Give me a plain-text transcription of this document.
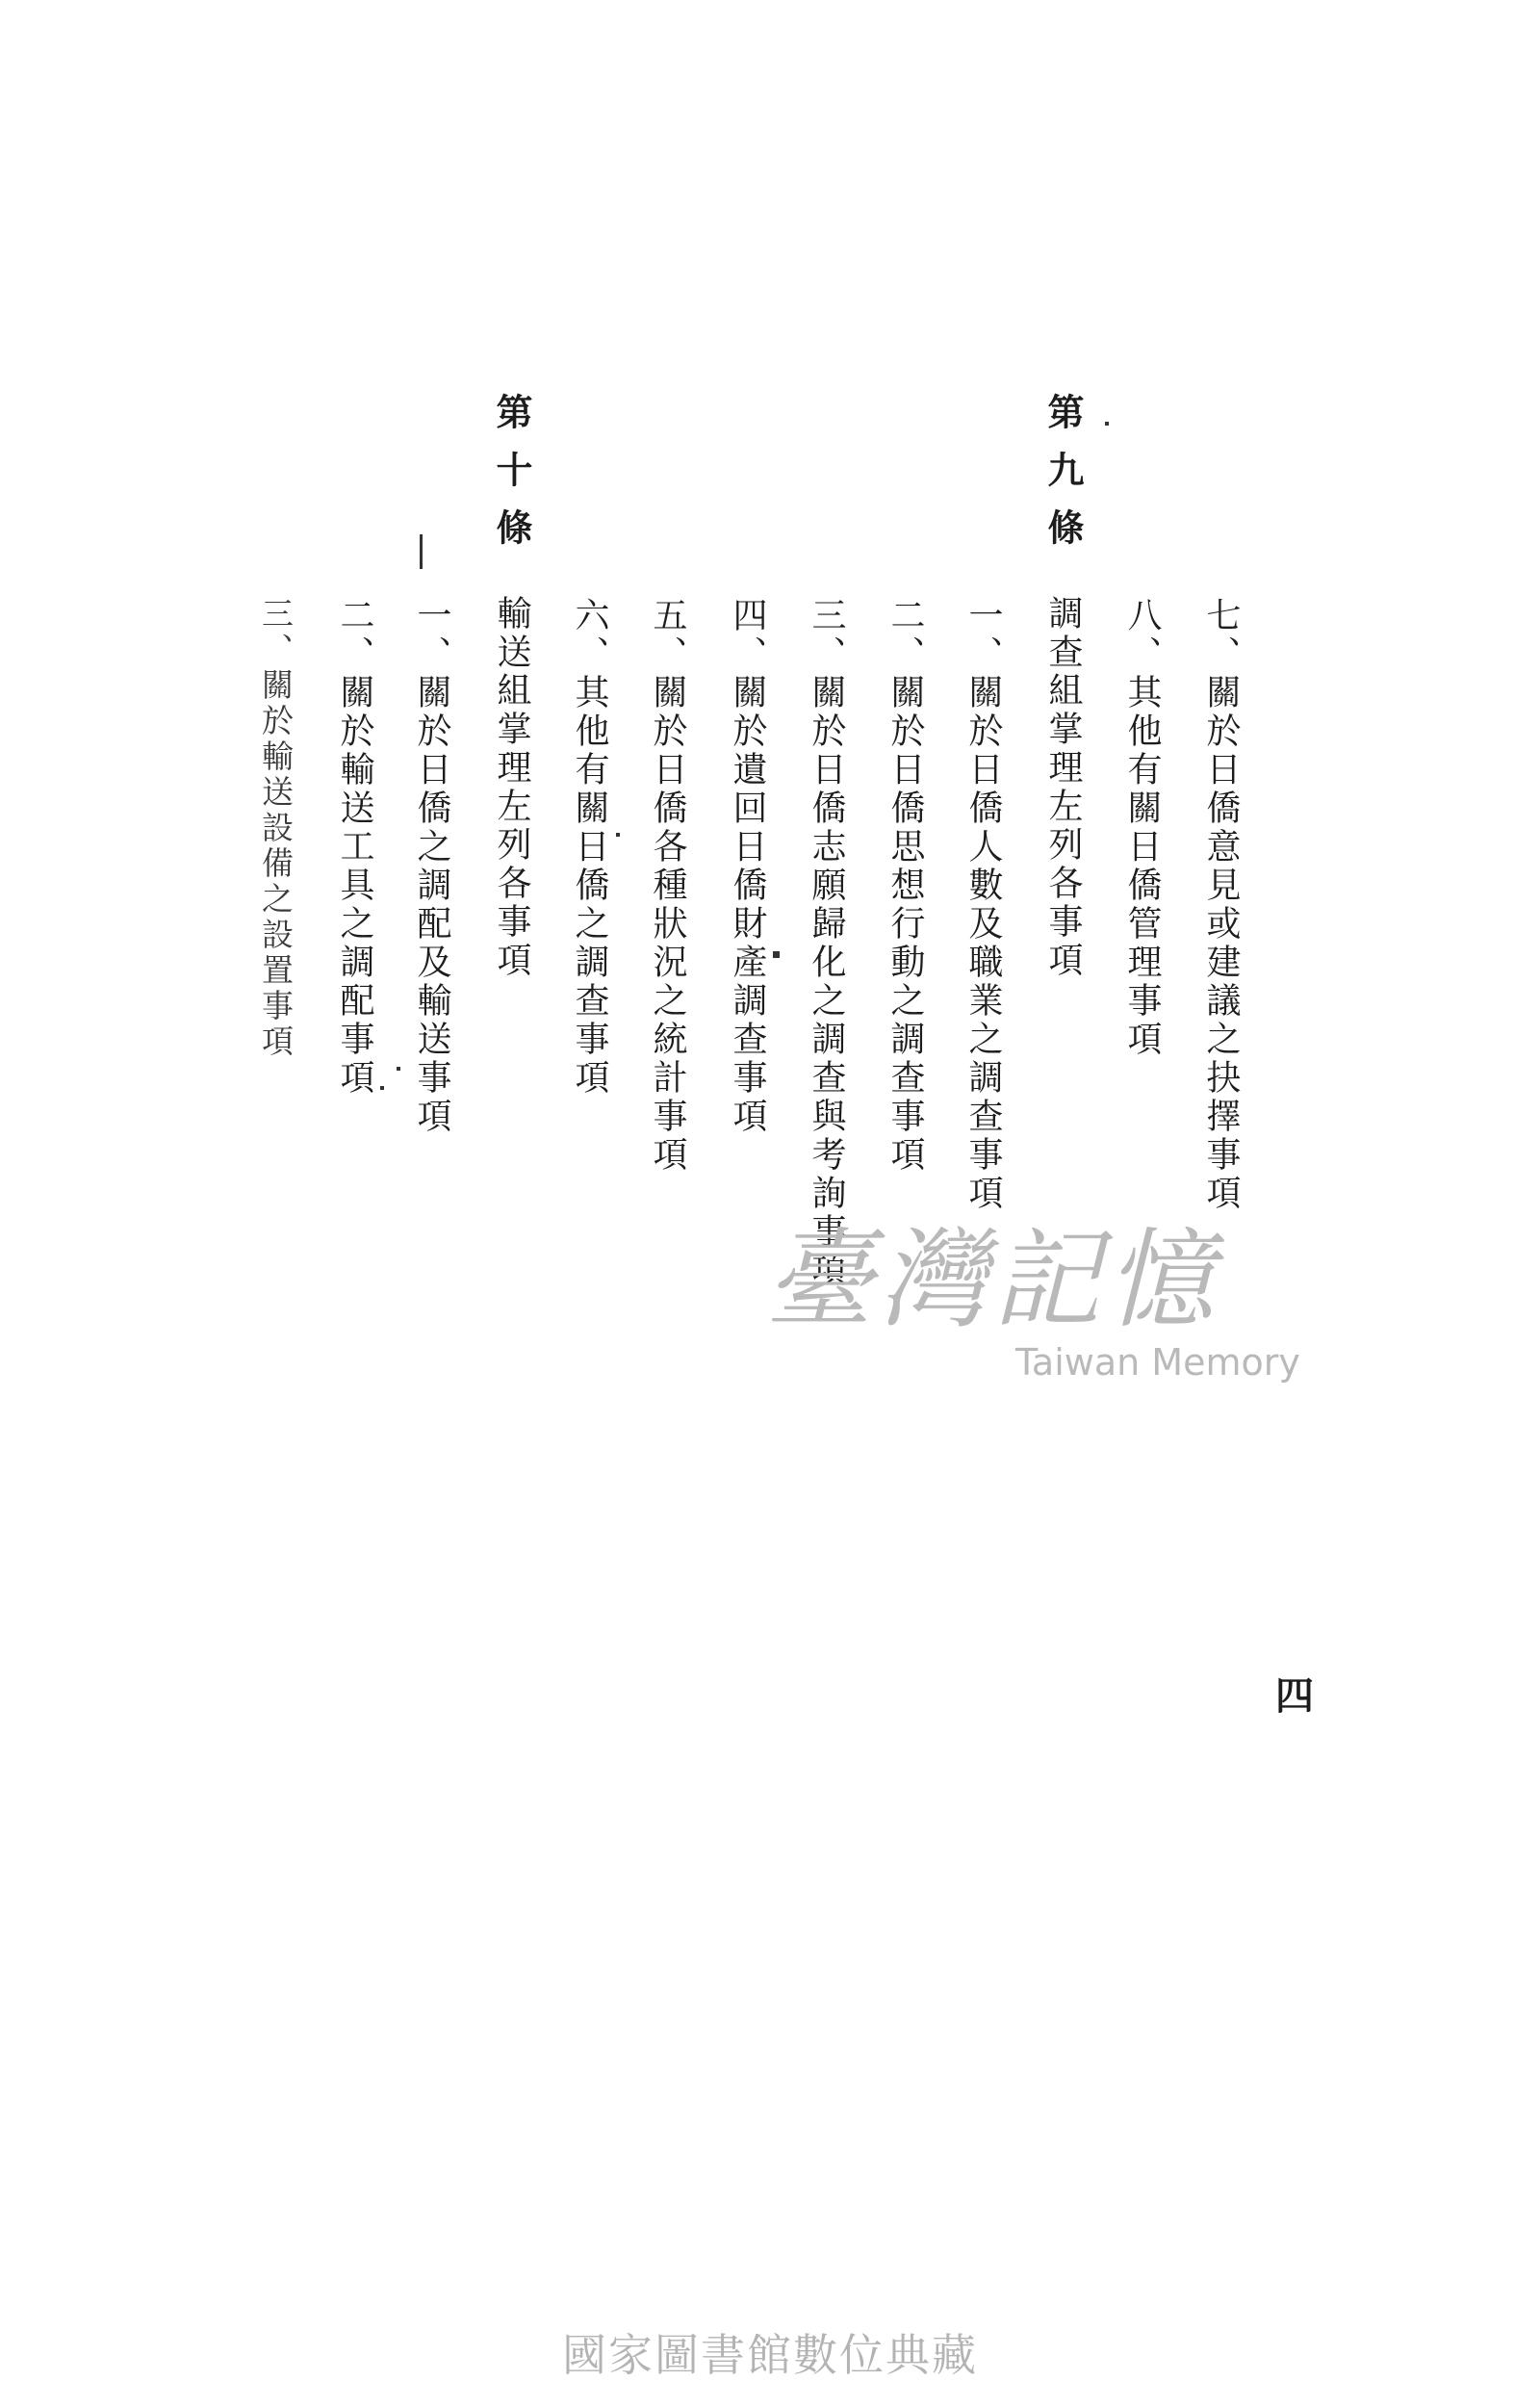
七、關於日僑意見或建議之抉擇事項
八、其他有關日僑管理事項
第九條調查組掌理左列各事項
一、關於日僑人數及職業之調查事項
二、關於日僑思想行動之調查事項
三、關於日僑志願歸化之調查與考詢事項
四、關於遺回日僑財產調查事項
五、關於日僑各種狀況之統計事項
六、其他有關日僑之調查事項
第十條輸送組掌理左列各事項
一、關於日僑之調配及輸送事項
二、關於輸送工具之調配事項
三、關於輸送設備之設置事項
四
臺灣記憶
Taiwan Memory
國家圖書館數位典藏
